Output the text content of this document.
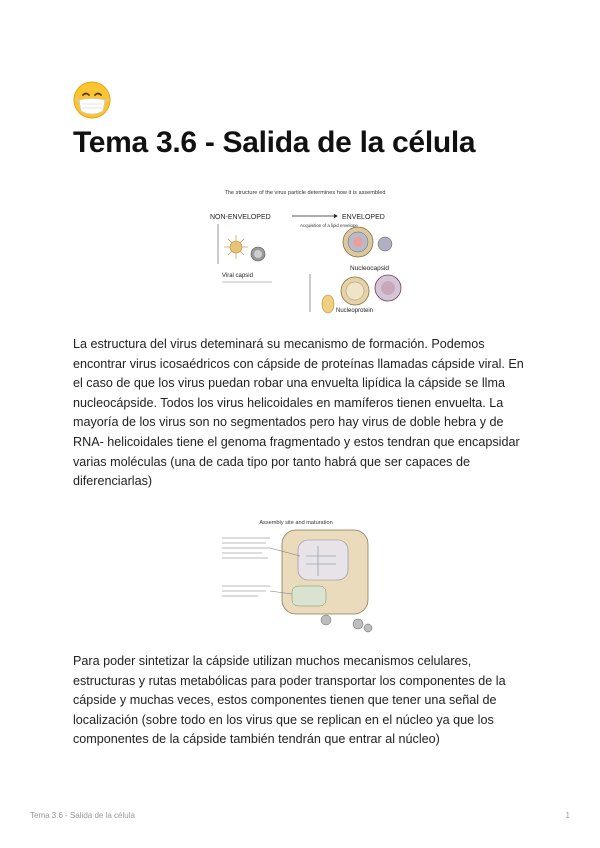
Tema 3.6 - Salida de la célula
The structure of the virus particle determines how it is assembled
NON-ENVELOPED	ENVELOPED
Acquisition of a lipid envelope
Viral capsid
Nucleocapsid
Nucleoprotein

La estructura del virus deteminará su mecanismo de formación. Podemos encontrar virus icosaédricos con cápside de proteínas llamadas cápside viral. En el caso de que los virus puedan robar una envuelta lipídica la cápside se llma nucleocápside. Todos los virus helicoidales en mamíferos tienen envuelta. La mayoría de los virus son no segmentados pero hay virus de doble hebra y de RNA- helicoidales tiene el genoma fragmentado y estos tendran que encapsidar varias moléculas (una de cada tipo por tanto habrá que ser capaces de diferenciarlas)

Assembly site and maturation

Para poder sintetizar la cápside utilizan muchos mecanismos celulares, estructuras y rutas metabólicas para poder transportar los componentes de la cápside y muchas veces, estos componentes tienen que tener una señal de localización (sobre todo en los virus que se replican en el núcleo ya que los componentes de la cápside también tendrán que entrar al núcleo)

Tema 3.6 - Salida de la célula	1
